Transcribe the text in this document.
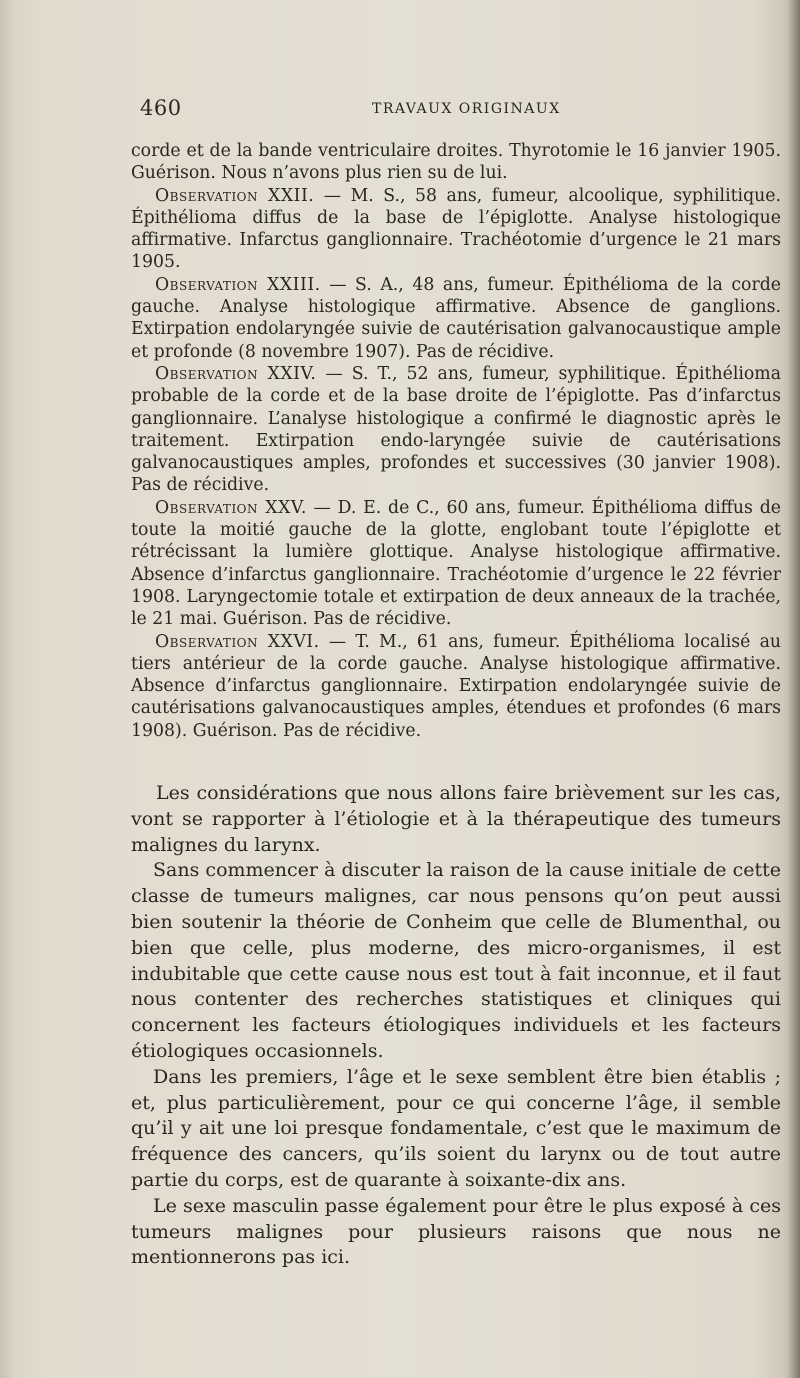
460	TRAVAUX ORIGINAUX

corde et de la bande ventriculaire droites. Thyrotomie le 16 janvier 1905. Guérison. Nous n’avons plus rien su de lui.

Observation XXII. — M. S., 58 ans, fumeur, alcoolique, syphilitique. Épithélioma diffus de la base de l’épiglotte. Analyse histologique affirmative. Infarctus ganglionnaire. Trachéotomie d’urgence le 21 mars 1905.

Observation XXIII. — S. A., 48 ans, fumeur. Épithélioma de la corde gauche. Analyse histologique affirmative. Absence de ganglions. Extirpation endolaryngée suivie de cautérisation galvanocaustique ample et profonde (8 novembre 1907). Pas de récidive.

Observation XXIV. — S. T., 52 ans, fumeur, syphilitique. Épithélioma probable de la corde et de la base droite de l’épiglotte. Pas d’infarctus ganglionnaire. L’analyse histologique a confirmé le diagnostic après le traitement. Extirpation endo-laryngée suivie de cautérisations galvanocaustiques amples, profondes et successives (30 janvier 1908). Pas de récidive.

Observation XXV. — D. E. de C., 60 ans, fumeur. Épithélioma diffus de toute la moitié gauche de la glotte, englobant toute l’épiglotte et rétrécissant la lumière glottique. Analyse histologique affirmative. Absence d’infarctus ganglionnaire. Trachéotomie d’urgence le 22 février 1908. Laryngectomie totale et extirpation de deux anneaux de la trachée, le 21 mai. Guérison. Pas de récidive.

Observation XXVI. — T. M., 61 ans, fumeur. Épithélioma localisé au tiers antérieur de la corde gauche. Analyse histologique affirmative. Absence d’infarctus ganglionnaire. Extirpation endolaryngée suivie de cautérisations galvanocaustiques amples, étendues et profondes (6 mars 1908). Guérison. Pas de récidive.

Les considérations que nous allons faire brièvement sur les cas, vont se rapporter à l’étiologie et à la thérapeutique des tumeurs malignes du larynx.

Sans commencer à discuter la raison de la cause initiale de cette classe de tumeurs malignes, car nous pensons qu’on peut aussi bien soutenir la théorie de Conheim que celle de Blumenthal, ou bien que celle, plus moderne, des micro-organismes, il est indubitable que cette cause nous est tout à fait inconnue, et il faut nous contenter des recherches statistiques et cliniques qui concernent les facteurs étiologiques individuels et les facteurs étiologiques occasionnels.

Dans les premiers, l’âge et le sexe semblent être bien établis ; et, plus particulièrement, pour ce qui concerne l’âge, il semble qu’il y ait une loi presque fondamentale, c’est que le maximum de fréquence des cancers, qu’ils soient du larynx ou de tout autre partie du corps, est de quarante à soixante-dix ans.

Le sexe masculin passe également pour être le plus exposé à ces tumeurs malignes pour plusieurs raisons que nous ne mentionnerons pas ici.
